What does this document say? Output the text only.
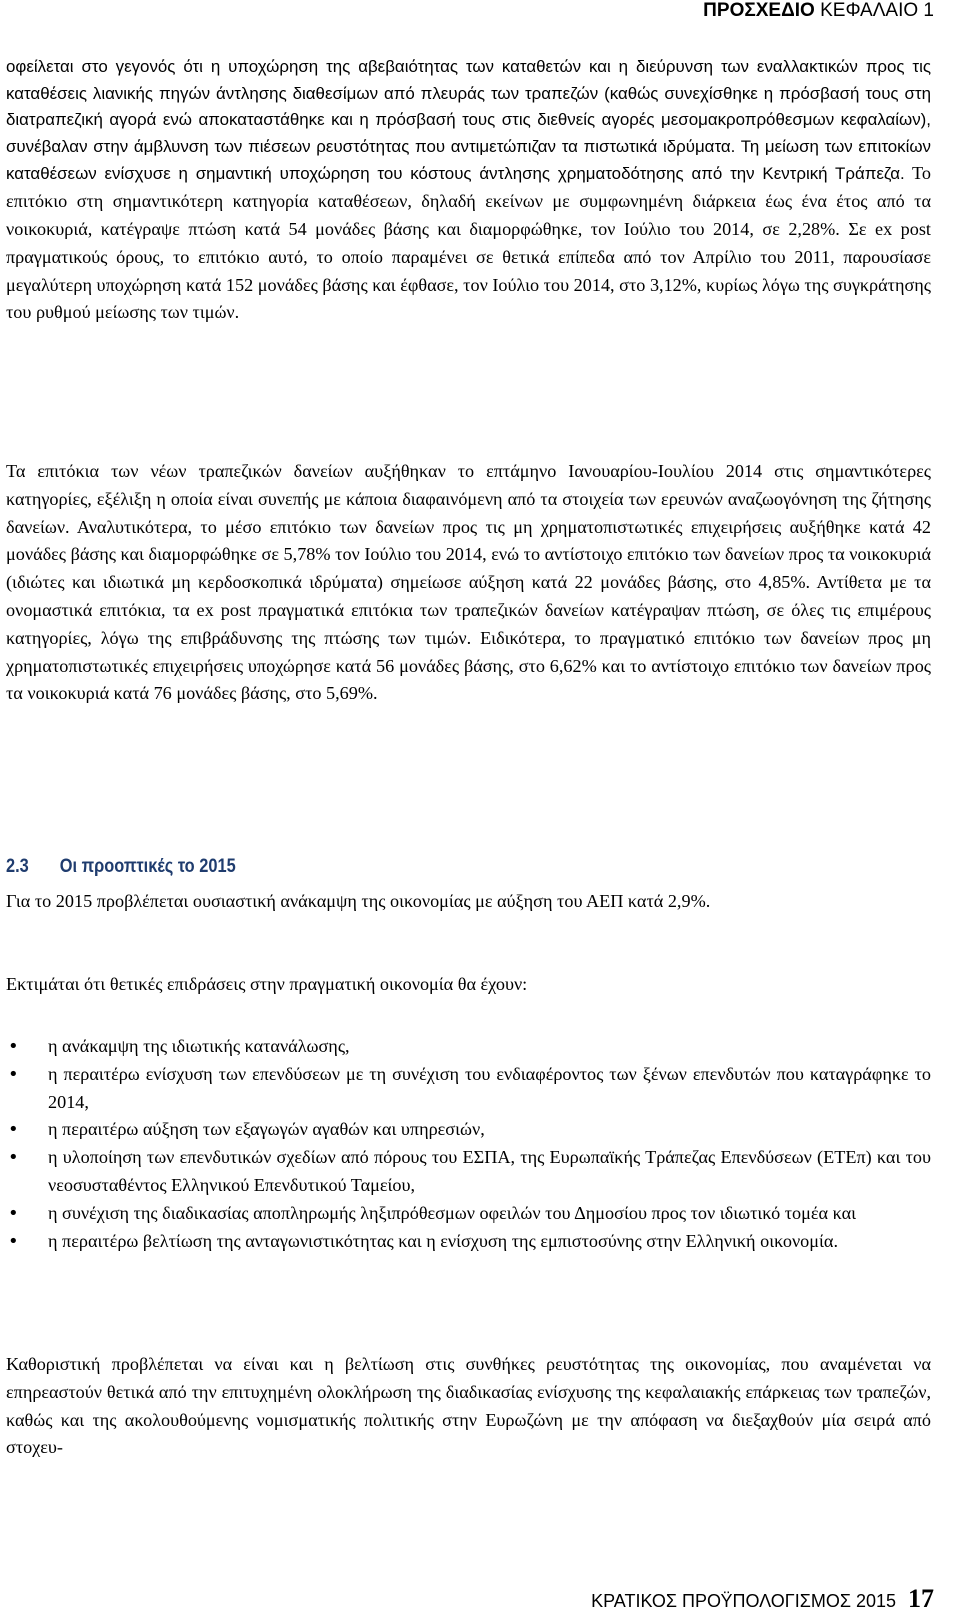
ΠΡΟΣΧΕΔΙΟ ΚΕΦΑΛΑΙΟ 1

οφείλεται στο γεγονός ότι η υποχώρηση της αβεβαιότητας των καταθετών και η διεύρυνση των εναλλακτικών προς τις καταθέσεις λιανικής πηγών άντλησης διαθεσίμων από πλευράς των τραπεζών (καθώς συνεχίσθηκε η πρόσβασή τους στη διατραπεζική αγορά ενώ αποκαταστάθηκε και η πρόσβασή τους στις διεθνείς αγορές μεσομακροπρόθεσμων κεφαλαίων), συνέβαλαν στην άμβλυνση των πιέσεων ρευστότητας που αντιμετώπιζαν τα πιστωτικά ιδρύματα. Τη μείωση των επιτοκίων καταθέσεων ενίσχυσε η σημαντική υποχώρηση του κόστους άντλησης χρηματοδότησης από την Κεντρική Τράπεζα. Το επιτόκιο στη σημαντικότερη κατηγορία καταθέσεων, δηλαδή εκείνων με συμφωνημένη διάρκεια έως ένα έτος από τα νοικοκυριά, κατέγραψε πτώση κατά 54 μονάδες βάσης και διαμορφώθηκε, τον Ιούλιο του 2014, σε 2,28%. Σε ex post πραγματικούς όρους, το επιτόκιο αυτό, το οποίο παραμένει σε θετικά επίπεδα από τον Απρίλιο του 2011, παρουσίασε μεγαλύτερη υποχώρηση κατά 152 μονάδες βάσης και έφθασε, τον Ιούλιο του 2014, στο 3,12%, κυρίως λόγω της συγκράτησης του ρυθμού μείωσης των τιμών.

Τα επιτόκια των νέων τραπεζικών δανείων αυξήθηκαν το επτάμηνο Ιανουαρίου-Ιουλίου 2014 στις σημαντικότερες κατηγορίες, εξέλιξη η οποία είναι συνεπής με κάποια διαφαινόμενη από τα στοιχεία των ερευνών αναζωογόνηση της ζήτησης δανείων. Αναλυτικότερα, το μέσο επιτόκιο των δανείων προς τις μη χρηματοπιστωτικές επιχειρήσεις αυξήθηκε κατά 42 μονάδες βάσης και διαμορφώθηκε σε 5,78% τον Ιούλιο του 2014, ενώ το αντίστοιχο επιτόκιο των δανείων προς τα νοικοκυριά (ιδιώτες και ιδιωτικά μη κερδοσκοπικά ιδρύματα) σημείωσε αύξηση κατά 22 μονάδες βάσης, στο 4,85%. Αντίθετα με τα ονομαστικά επιτόκια, τα ex post πραγματικά επιτόκια των τραπεζικών δανείων κατέγραψαν πτώση, σε όλες τις επιμέρους κατηγορίες, λόγω της επιβράδυνσης της πτώσης των τιμών. Ειδικότερα, το πραγματικό επιτόκιο των δανείων προς μη χρηματοπιστωτικές επιχειρήσεις υποχώρησε κατά 56 μονάδες βάσης, στο 6,62% και το αντίστοιχο επιτόκιο των δανείων προς τα νοικοκυριά κατά 76 μονάδες βάσης, στο 5,69%.

2.3 Οι προοπτικές το 2015

Για το 2015 προβλέπεται ουσιαστική ανάκαμψη της οικονομίας με αύξηση του ΑΕΠ κατά 2,9%.

Εκτιμάται ότι θετικές επιδράσεις στην πραγματική οικονομία θα έχουν:

• η ανάκαμψη της ιδιωτικής κατανάλωσης,
• η περαιτέρω ενίσχυση των επενδύσεων με τη συνέχιση του ενδιαφέροντος των ξένων επενδυτών που καταγράφηκε το 2014,
• η περαιτέρω αύξηση των εξαγωγών αγαθών και υπηρεσιών,
• η υλοποίηση των επενδυτικών σχεδίων από πόρους του ΕΣΠΑ, της Ευρωπαϊκής Τράπεζας Επενδύσεων (ΕΤΕπ) και του νεοσυσταθέντος Ελληνικού Επενδυτικού Ταμείου,
• η συνέχιση της διαδικασίας αποπληρωμής ληξιπρόθεσμων οφειλών του Δημοσίου προς τον ιδιωτικό τομέα και
• η περαιτέρω βελτίωση της ανταγωνιστικότητας και η ενίσχυση της εμπιστοσύνης στην Ελληνική οικονομία.

Καθοριστική προβλέπεται να είναι και η βελτίωση στις συνθήκες ρευστότητας της οικονομίας, που αναμένεται να επηρεαστούν θετικά από την επιτυχημένη ολοκλήρωση της διαδικασίας ενίσχυσης της κεφαλαιακής επάρκειας των τραπεζών, καθώς και της ακολουθούμενης νομισματικής πολιτικής στην Ευρωζώνη με την απόφαση να διεξαχθούν μία σειρά από στοχευ-

ΚΡΑΤΙΚΟΣ ΠΡΟΫΠΟΛΟΓΙΣΜΟΣ 2015 17
